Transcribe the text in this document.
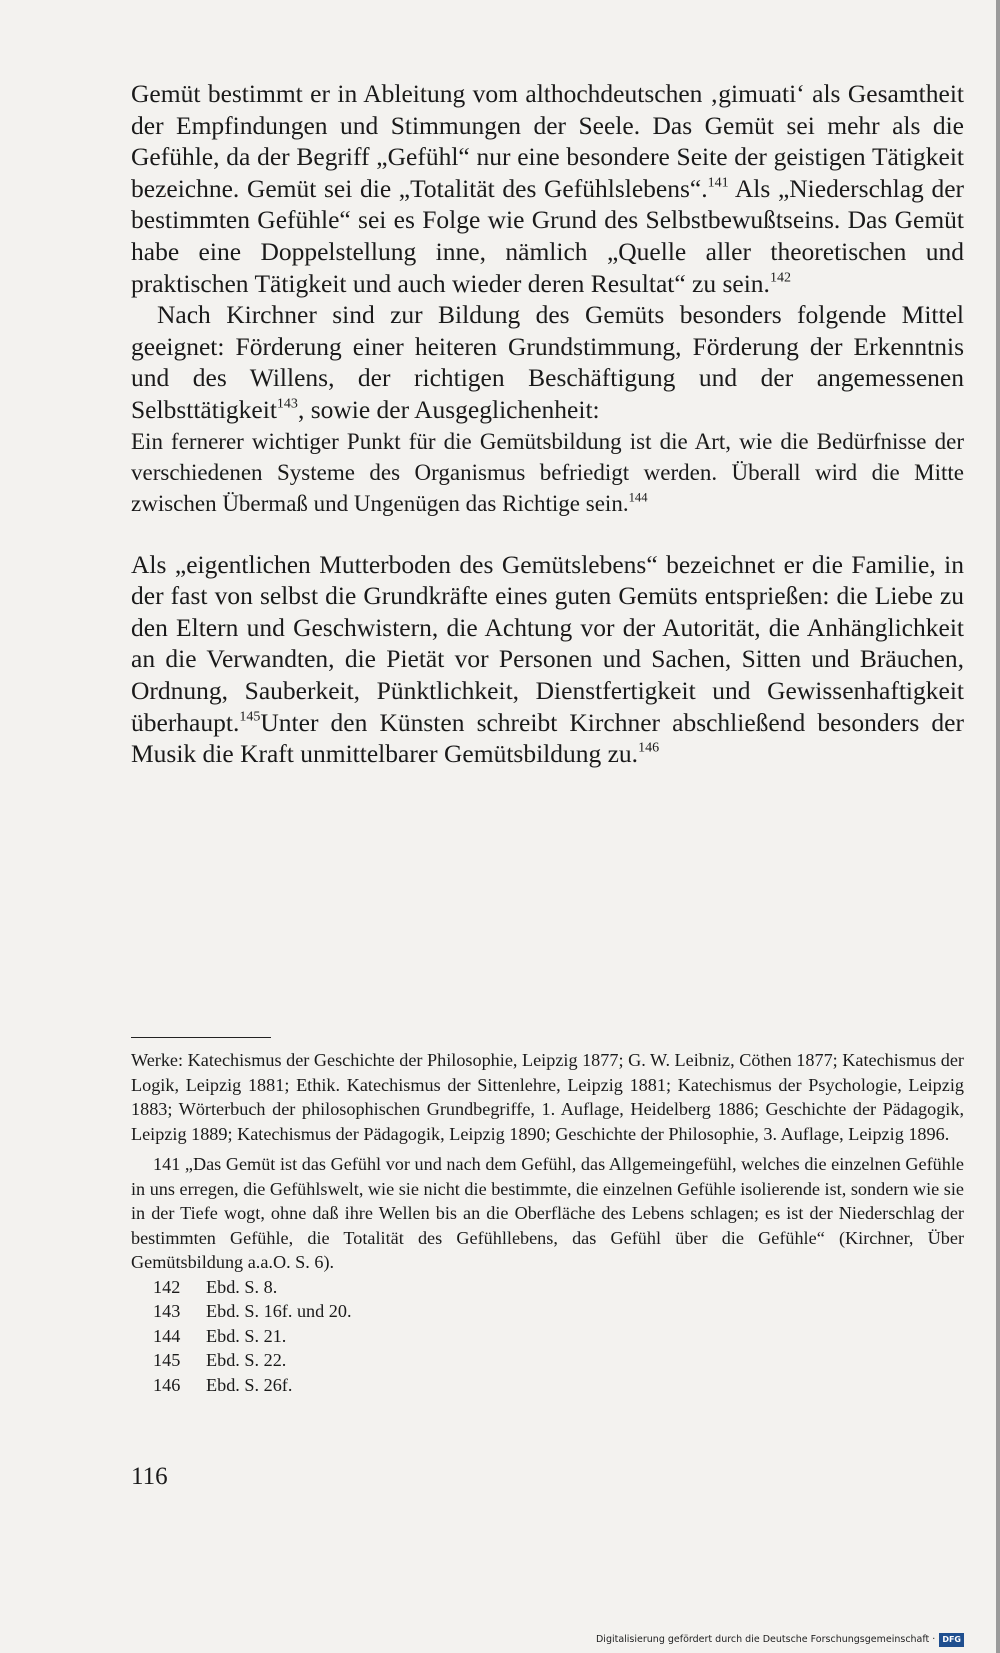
Gemüt bestimmt er in Ableitung vom althochdeutschen ‚gimuati‘ als Gesamtheit der Empfindungen und Stimmungen der Seele. Das Gemüt sei mehr als die Gefühle, da der Begriff „Gefühl“ nur eine besondere Seite der geistigen Tätigkeit bezeichne. Gemüt sei die „Totalität des Gefühlslebens“.$^{141}$ Als „Niederschlag der bestimmten Gefühle“ sei es Folge wie Grund des Selbstbewußtseins. Das Gemüt habe eine Doppelstellung inne, nämlich „Quelle aller theoretischen und praktischen Tätigkeit und auch wieder deren Resultat“ zu sein.$^{142}$

Nach Kirchner sind zur Bildung des Gemüts besonders folgende Mittel geeignet: Förderung einer heiteren Grundstimmung, Förderung der Erkenntnis und des Willens, der richtigen Beschäftigung und der angemessenen Selbsttätigkeit$^{143}$, sowie der Ausgeglichenheit:

Ein fernerer wichtiger Punkt für die Gemütsbildung ist die Art, wie die Bedürfnisse der verschiedenen Systeme des Organismus befriedigt werden. Überall wird die Mitte zwischen Übermaß und Ungenügen das Richtige sein.$^{144}$

Als „eigentlichen Mutterboden des Gemütslebens“ bezeichnet er die Familie, in der fast von selbst die Grundkräfte eines guten Gemüts entsprießen: die Liebe zu den Eltern und Geschwistern, die Achtung vor der Autorität, die Anhänglichkeit an die Verwandten, die Pietät vor Personen und Sachen, Sitten und Bräuchen, Ordnung, Sauberkeit, Pünktlichkeit, Dienstfertigkeit und Gewissenhaftigkeit überhaupt.$^{145}$Unter den Künsten schreibt Kirchner abschließend besonders der Musik die Kraft unmittelbarer Gemütsbildung zu.$^{146}$

Werke: Katechismus der Geschichte der Philosophie, Leipzig 1877; G. W. Leibniz, Cöthen 1877; Katechismus der Logik, Leipzig 1881; Ethik. Katechismus der Sittenlehre, Leipzig 1881; Katechismus der Psychologie, Leipzig 1883; Wörterbuch der philosophischen Grundbegriffe, 1. Auflage, Heidelberg 1886; Geschichte der Pädagogik, Leipzig 1889; Katechismus der Pädagogik, Leipzig 1890; Geschichte der Philosophie, 3. Auflage, Leipzig 1896.

141 „Das Gemüt ist das Gefühl vor und nach dem Gefühl, das Allgemeingefühl, welches die einzelnen Gefühle in uns erregen, die Gefühlswelt, wie sie nicht die bestimmte, die einzelnen Gefühle isolierende ist, sondern wie sie in der Tiefe wogt, ohne daß ihre Wellen bis an die Oberfläche des Lebens schlagen; es ist der Niederschlag der bestimmten Gefühle, die Totalität des Gefühllebens, das Gefühl über die Gefühle“ (Kirchner, Über Gemütsbildung a.a.O. S. 6).

142	Ebd. S. 8.

143	Ebd. S. 16f. und 20.

144	Ebd. S. 21.

145	Ebd. S. 22.

146	Ebd. S. 26f.

116
Digitalisierung gefördert durch die Deutsche Forschungsgemeinschaft · DFG
